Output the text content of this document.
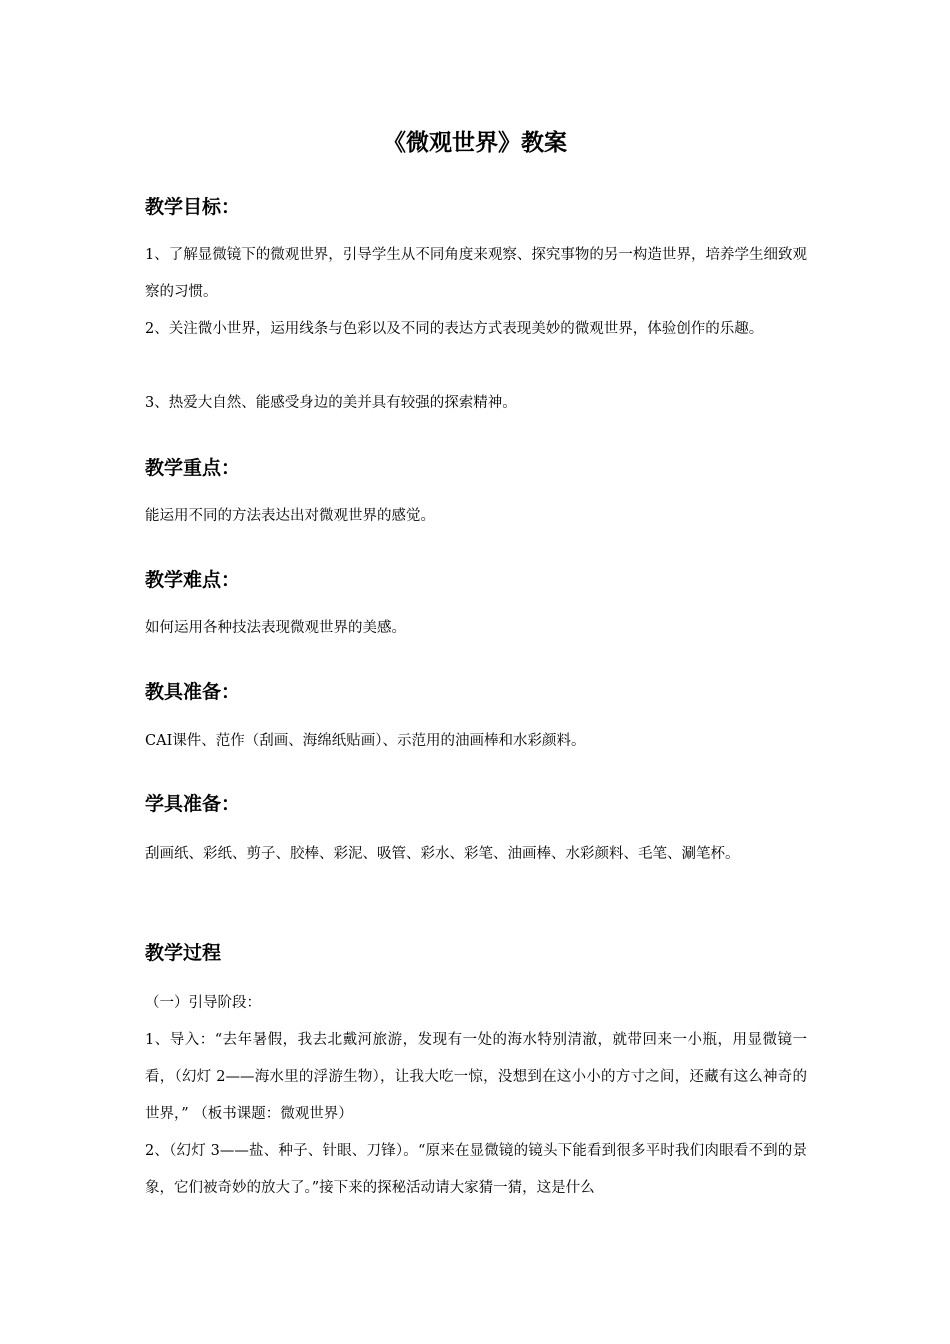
《微观世界》教案
教学目标：

1、了解显微镜下的微观世界，引导学生从不同角度来观察、探究事物的另一构造世界，培养学生细致观察的习惯。

2、关注微小世界，运用线条与色彩以及不同的表达方式表现美妙的微观世界，体验创作的乐趣。

3、热爱大自然、能感受身边的美并具有较强的探索精神。

教学重点：

能运用不同的方法表达出对微观世界的感觉。

教学难点：

如何运用各种技法表现微观世界的美感。

教具准备：

CAI课件、范作（刮画、海绵纸贴画）、示范用的油画棒和水彩颜料。

学具准备：

刮画纸、彩纸、剪子、胶棒、彩泥、吸管、彩水、彩笔、油画棒、水彩颜料、毛笔、涮笔杯。

教学过程

（一）引导阶段：

1、导入：“去年暑假，我去北戴河旅游，发现有一处的海水特别清澈，就带回来一小瓶，用显微镜一看，（幻灯 2——海水里的浮游生物），让我大吃一惊，没想到在这小小的方寸之间，还藏有这么神奇的世界，” （板书课题：微观世界）

2、（幻灯 3——盐、种子、针眼、刀锋）。“原来在显微镜的镜头下能看到很多平时我们肉眼看不到的景象，它们被奇妙的放大了。”接下来的探秘活动请大家猜一猜，这是什么
